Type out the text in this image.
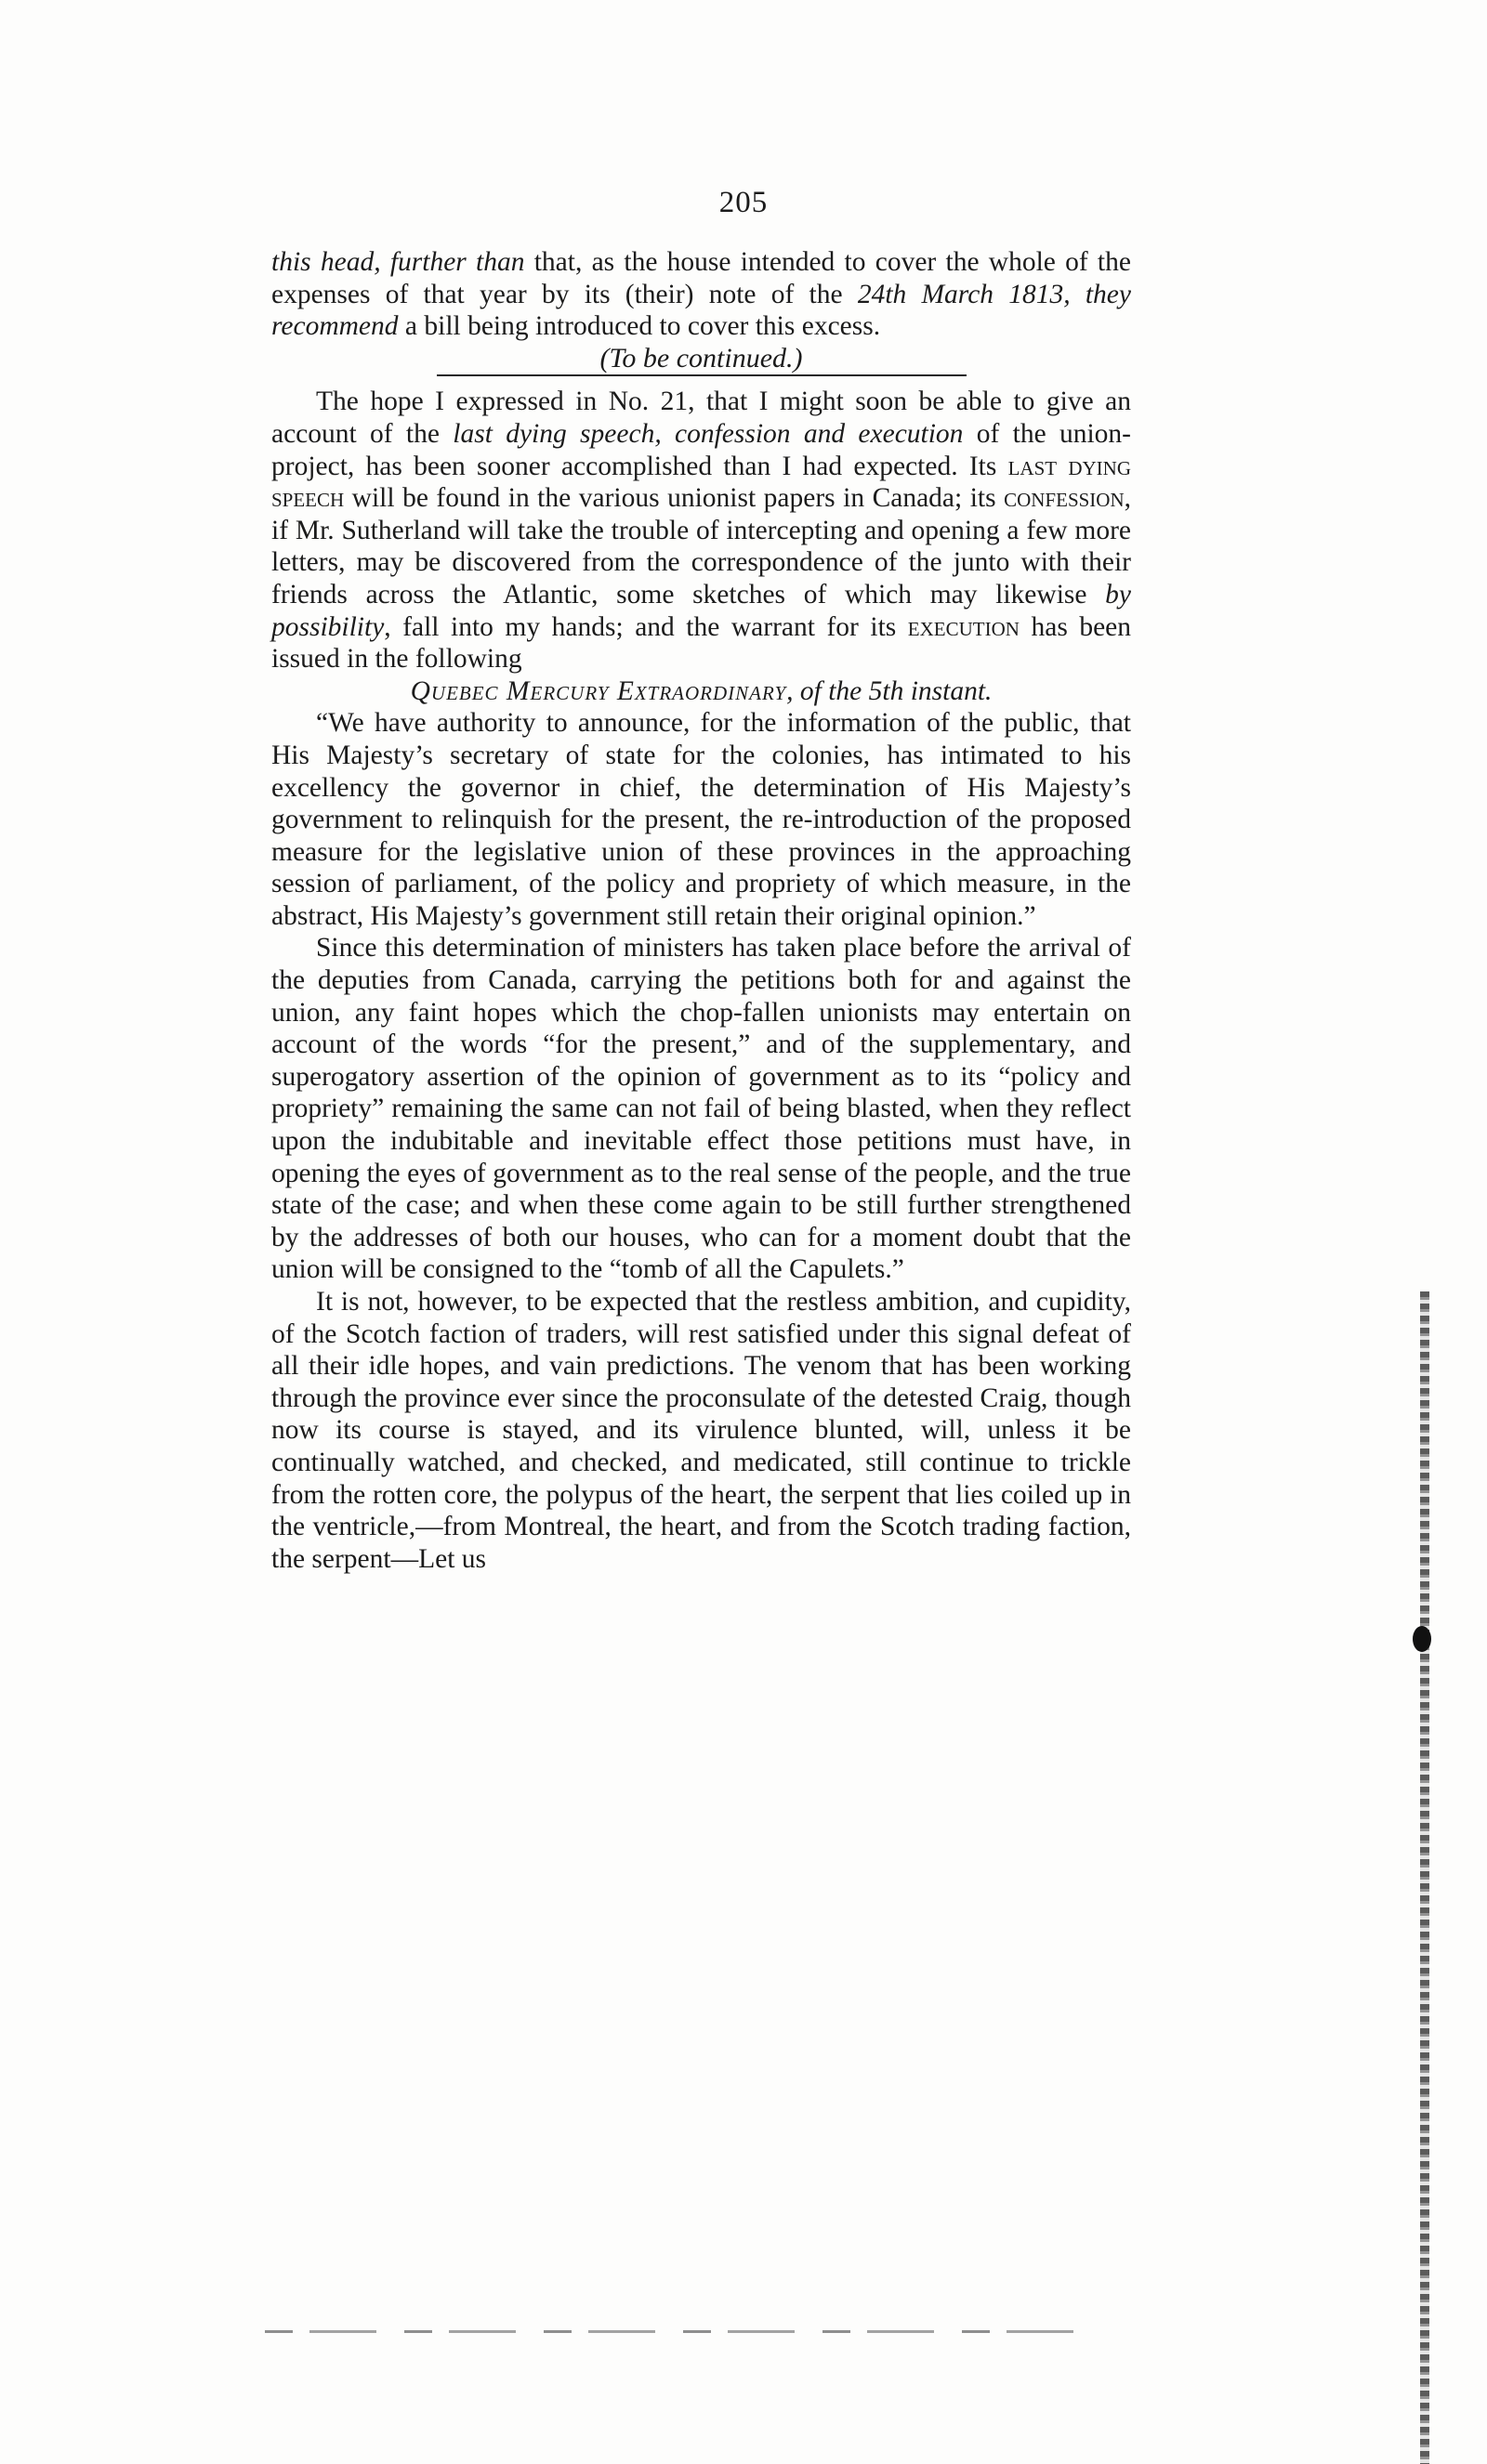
205

this head, further than that, as the house intended to cover the whole of the expenses of that year by its (their) note of the 24th March 1813, they recommend a bill being introduced to cover this excess.

(To be continued.)

The hope I expressed in No. 21, that I might soon be able to give an account of the last dying speech, confession and execution of the union-project, has been sooner accomplished than I had expected. Its last dying speech will be found in the various unionist papers in Canada; its confession, if Mr. Sutherland will take the trouble of intercepting and opening a few more letters, may be discovered from the correspondence of the junto with their friends across the Atlantic, some sketches of which may likewise by possibility, fall into my hands; and the warrant for its execution has been issued in the following

Quebec Mercury Extraordinary, of the 5th instant.

“We have authority to announce, for the information of the public, that His Majesty’s secretary of state for the colonies, has intimated to his excellency the governor in chief, the determination of His Majesty’s government to relinquish for the present, the re-introduction of the proposed measure for the legislative union of these provinces in the approaching session of parliament, of the policy and propriety of which measure, in the abstract, His Majesty’s government still retain their original opinion.”

Since this determination of ministers has taken place before the arrival of the deputies from Canada, carrying the petitions both for and against the union, any faint hopes which the chop-fallen unionists may entertain on account of the words “for the present,” and of the supplementary, and superogatory assertion of the opinion of government as to its “policy and propriety” remaining the same can not fail of being blasted, when they reflect upon the indubitable and inevitable effect those petitions must have, in opening the eyes of government as to the real sense of the people, and the true state of the case; and when these come again to be still further strengthened by the addresses of both our houses, who can for a moment doubt that the union will be consigned to the “tomb of all the Capulets.”

It is not, however, to be expected that the restless ambition, and cupidity, of the Scotch faction of traders, will rest satisfied under this signal defeat of all their idle hopes, and vain predictions. The venom that has been working through the province ever since the proconsulate of the detested Craig, though now its course is stayed, and its virulence blunted, will, unless it be continually watched, and checked, and medicated, still continue to trickle from the rotten core, the polypus of the heart, the serpent that lies coiled up in the ventricle,—from Montreal, the heart, and from the Scotch trading faction, the serpent—Let us
